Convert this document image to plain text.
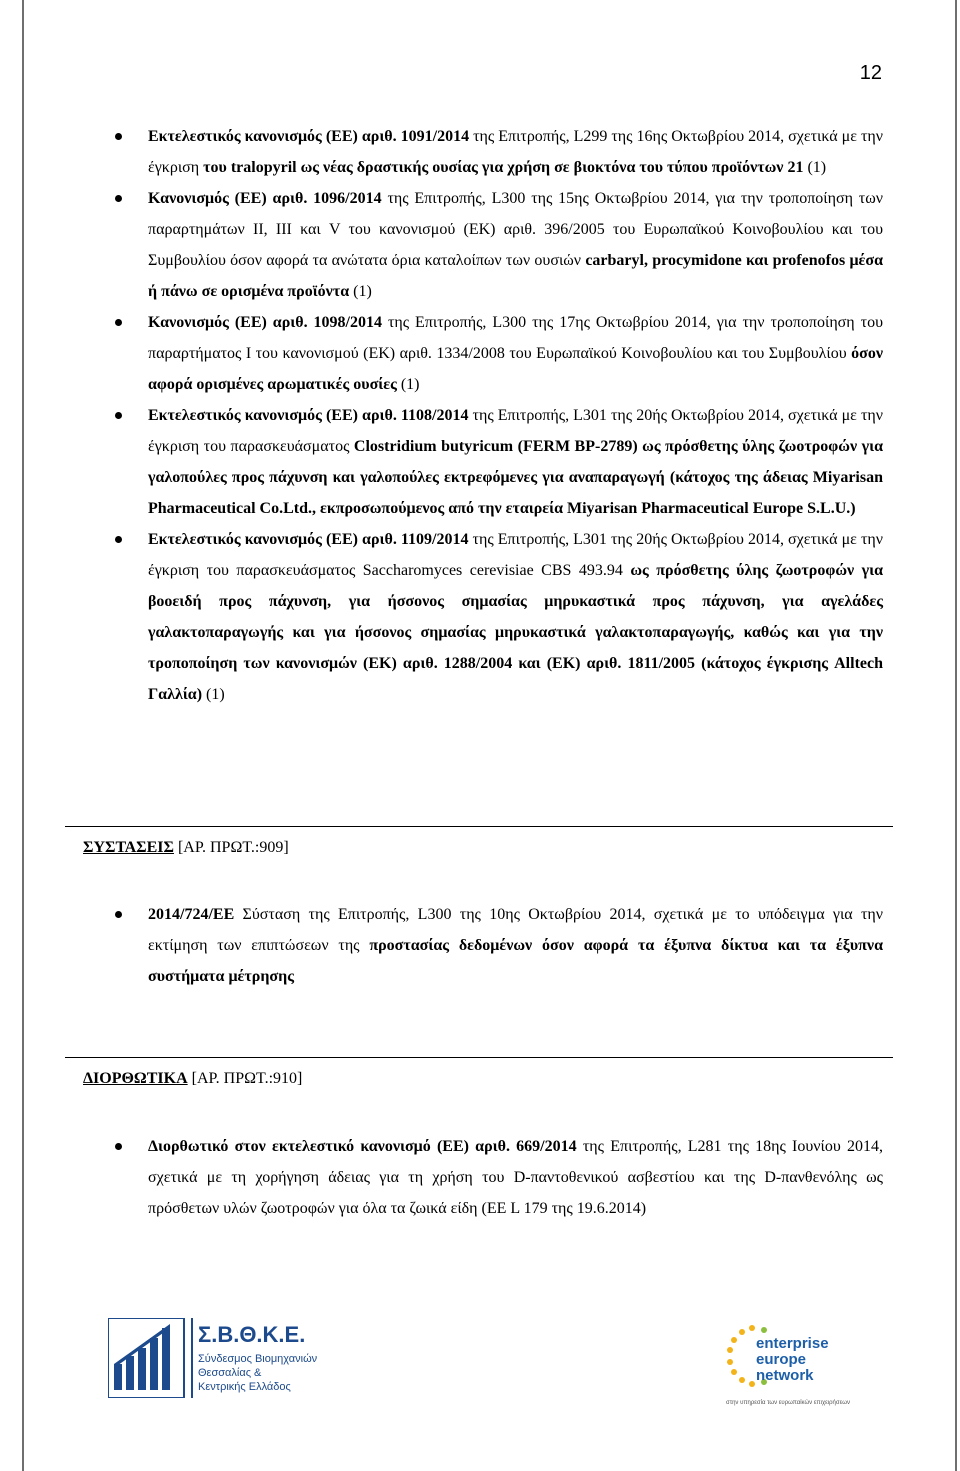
12
Εκτελεστικός κανονισμός (ΕΕ) αριθ. 1091/2014 της Επιτροπής, L299 της 16ης Οκτωβρίου 2014, σχετικά με την έγκριση του tralopyril ως νέας δραστικής ουσίας για χρήση σε βιοκτόνα του τύπου προϊόντων 21 (1)
Κανονισμός (ΕΕ) αριθ. 1096/2014 της Επιτροπής, L300 της 15ης Οκτωβρίου 2014, για την τροποποίηση των παραρτημάτων II, III και V του κανονισμού (ΕΚ) αριθ. 396/2005 του Ευρωπαϊκού Κοινοβουλίου και του Συμβουλίου όσον αφορά τα ανώτατα όρια καταλοίπων των ουσιών carbaryl, procymidone και profenofos μέσα ή πάνω σε ορισμένα προϊόντα (1)
Κανονισμός (ΕΕ) αριθ. 1098/2014 της Επιτροπής, L300 της 17ης Οκτωβρίου 2014, για την τροποποίηση του παραρτήματος I του κανονισμού (ΕΚ) αριθ. 1334/2008 του Ευρωπαϊκού Κοινοβουλίου και του Συμβουλίου όσον αφορά ορισμένες αρωματικές ουσίες (1)
Εκτελεστικός κανονισμός (ΕΕ) αριθ. 1108/2014 της Επιτροπής, L301 της 20ής Οκτωβρίου 2014, σχετικά με την έγκριση του παρασκευάσματος Clostridium butyricum (FERM BP-2789) ως πρόσθετης ύλης ζωοτροφών για γαλοπούλες προς πάχυνση και γαλοπούλες εκτρεφόμενες για αναπαραγωγή (κάτοχος της άδειας Miyarisan Pharmaceutical Co.Ltd., εκπροσωπούμενος από την εταιρεία Miyarisan Pharmaceutical Europe S.L.U.)
Εκτελεστικός κανονισμός (ΕΕ) αριθ. 1109/2014 της Επιτροπής, L301 της 20ής Οκτωβρίου 2014, σχετικά με την έγκριση του παρασκευάσματος Saccharomyces cerevisiae CBS 493.94 ως πρόσθετης ύλης ζωοτροφών για βοοειδή προς πάχυνση, για ήσσονος σημασίας μηρυκαστικά προς πάχυνση, για αγελάδες γαλακτοπαραγωγής και για ήσσονος σημασίας μηρυκαστικά γαλακτοπαραγωγής, καθώς και για την τροποποίηση των κανονισμών (ΕΚ) αριθ. 1288/2004 και (ΕΚ) αριθ. 1811/2005 (κάτοχος έγκρισης Alltech Γαλλία) (1)
ΣΥΣΤΑΣΕΙΣ [ΑΡ. ΠΡΩΤ.:909]
2014/724/ΕΕ Σύσταση της Επιτροπής, L300 της 10ης Οκτωβρίου 2014, σχετικά με το υπόδειγμα για την εκτίμηση των επιπτώσεων της προστασίας δεδομένων όσον αφορά τα έξυπνα δίκτυα και τα έξυπνα συστήματα μέτρησης
ΔΙΟΡΘΩΤΙΚΑ [ΑΡ. ΠΡΩΤ.:910]
Διορθωτικό στον εκτελεστικό κανονισμό (ΕΕ) αριθ. 669/2014 της Επιτροπής, L281 της 18ης Ιουνίου 2014, σχετικά με τη χορήγηση άδειας για τη χρήση του D-παντοθενικού ασβεστίου και της D-πανθενόλης ως πρόσθετων υλών ζωοτροφών για όλα τα ζωικά είδη (ΕΕ L 179 της 19.6.2014)
Σ.Β.Θ.Κ.Ε.
Σύνδεσμος Βιομηχανιών
Θεσσαλίας &
Κεντρικής Ελλάδος
enterprise
europe
network
στην υπηρεσία των ευρωπαϊκών επιχειρήσεων
